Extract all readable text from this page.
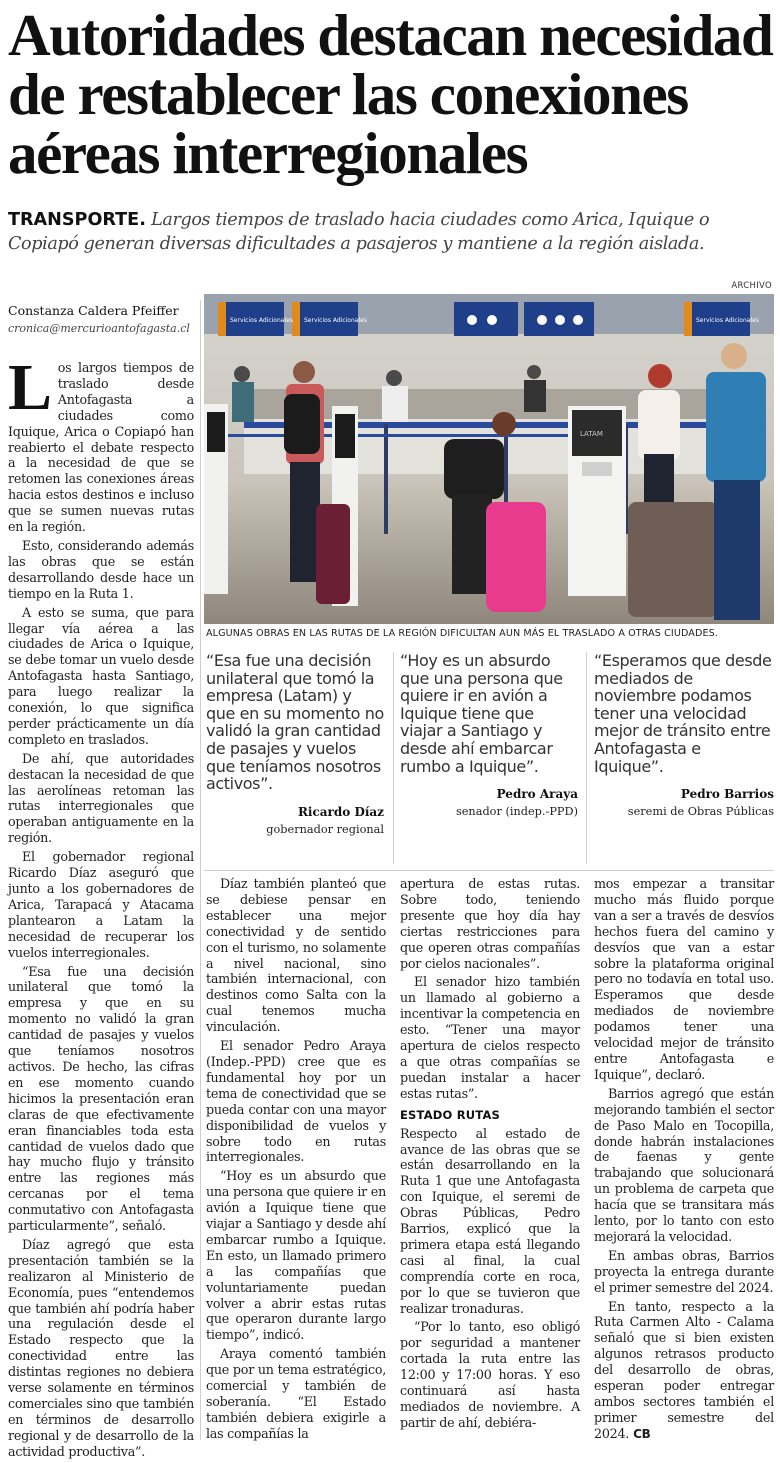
Autoridades destacan necesidad
de restablecer las conexiones
aéreas interregionales
TRANSPORTE. Largos tiempos de traslado hacia ciudades como Arica, Iquique o Copiapó generan diversas dificultades a pasajeros y mantiene a la región aislada.
Constanza Caldera Pfeiffer
cronica@mercurioantofagasta.cl
ARCHIVO
Servicios Adicionales Servicios Adicionales	Servicios Adicionales
LATAM
ALGUNAS OBRAS EN LAS RUTAS DE LA REGIÓN DIFICULTAN AUN MÁS EL TRASLADO A OTRAS CIUDADES.

Los largos tiempos de traslado desde Antofagasta a ciudades como Iquique, Arica o Copiapó han reabierto el debate respecto a la necesidad de que se retomen las conexiones áreas hacia estos destinos e incluso que se sumen nuevas rutas en la región.

Esto, considerando además las obras que se están desarrollando desde hace un tiempo en la Ruta 1.

A esto se suma, que para llegar vía aérea a las ciudades de Arica o Iquique, se debe tomar un vuelo desde Antofagasta hasta Santiago, para luego realizar la conexión, lo que significa perder prácticamente un día completo en traslados.

De ahí, que autoridades destacan la necesidad de que las aerolíneas retoman las rutas interregionales que operaban antiguamente en la región.

El gobernador regional Ricardo Díaz aseguró que junto a los gobernadores de Arica, Tarapacá y Atacama plantearon a Latam la necesidad de recuperar los vuelos interregionales.

“Esa fue una decisión unilateral que tomó la empresa y que en su momento no validó la gran cantidad de pasajes y vuelos que teníamos nosotros activos. De hecho, las cifras en ese momento cuando hicimos la presentación eran claras de que efectivamente eran financiables toda esta cantidad de vuelos dado que hay mucho flujo y tránsito entre las regiones más cercanas por el tema conmutativo con Antofagasta particularmente”, señaló.

Díaz agregó que esta presentación también se la realizaron al Ministerio de Economía, pues “entendemos que también ahí podría haber una regulación desde el Estado respecto que la conectividad entre las distintas regiones no debiera verse solamente en términos comerciales sino que también en términos de desarrollo regional y de desarrollo de la actividad productiva”.

“Esa fue una decisión unilateral que tomó la empresa (Latam) y que en su momento no validó la gran cantidad de pasajes y vuelos que teníamos nosotros activos”.
Ricardo Díaz
gobernador regional
“Hoy es un absurdo que una persona que quiere ir en avión a Iquique tiene que viajar a Santiago y desde ahí embarcar rumbo a Iquique”.
Pedro Araya
senador (indep.-PPD)
“Esperamos que desde mediados de noviembre podamos tener una velocidad mejor de tránsito entre Antofagasta e Iquique”.
Pedro Barrios
seremi de Obras Públicas

Díaz también planteó que se debiese pensar en establecer una mejor conectividad y de sentido con el turismo, no solamente a nivel nacional, sino también internacional, con destinos como Salta con la cual tenemos mucha vinculación.

El senador Pedro Araya (Indep.-PPD) cree que es fundamental hoy por un tema de conectividad que se pueda contar con una mayor disponibilidad de vuelos y sobre todo en rutas interregionales.

“Hoy es un absurdo que una persona que quiere ir en avión a Iquique tiene que viajar a Santiago y desde ahí embarcar rumbo a Iquique. En esto, un llamado primero a las compañías que voluntariamente puedan volver a abrir estas rutas que operaron durante largo tiempo”, indicó.

Araya comentó también que por un tema estratégico, comercial y también de soberanía. “El Estado también debiera exigirle a las compañías la

apertura de estas rutas. Sobre todo, teniendo presente que hoy día hay ciertas restricciones para que operen otras compañías por cielos nacionales”.

El senador hizo también un llamado al gobierno a incentivar la competencia en esto. “Tener una mayor apertura de cielos respecto a que otras compañías se puedan instalar a hacer estas rutas”.

ESTADO RUTAS

Respecto al estado de avance de las obras que se están desarrollando en la Ruta 1 que une Antofagasta con Iquique, el seremi de Obras Públicas, Pedro Barrios, explicó que la primera etapa está llegando casi al final, la cual comprendía corte en roca, por lo que se tuvieron que realizar tronaduras.

“Por lo tanto, eso obligó por seguridad a mantener cortada la ruta entre las 12:00 y 17:00 horas. Y eso continuará así hasta mediados de noviembre. A partir de ahí, debiéra-

mos empezar a transitar mucho más fluido porque van a ser a través de desvíos hechos fuera del camino y desvíos que van a estar sobre la plataforma original pero no todavía en total uso. Esperamos que desde mediados de noviembre podamos tener una velocidad mejor de tránsito entre Antofagasta e Iquique”, declaró.

Barrios agregó que están mejorando también el sector de Paso Malo en Tocopilla, donde habrán instalaciones de faenas y gente trabajando que solucionará un problema de carpeta que hacía que se transitara más lento, por lo tanto con esto mejorará la velocidad.

En ambas obras, Barrios proyecta la entrega durante el primer semestre del 2024.

En tanto, respecto a la Ruta Carmen Alto - Calama señaló que si bien existen algunos retrasos producto del desarrollo de obras, esperan poder entregar ambos sectores también el primer semestre del 2024. CB
